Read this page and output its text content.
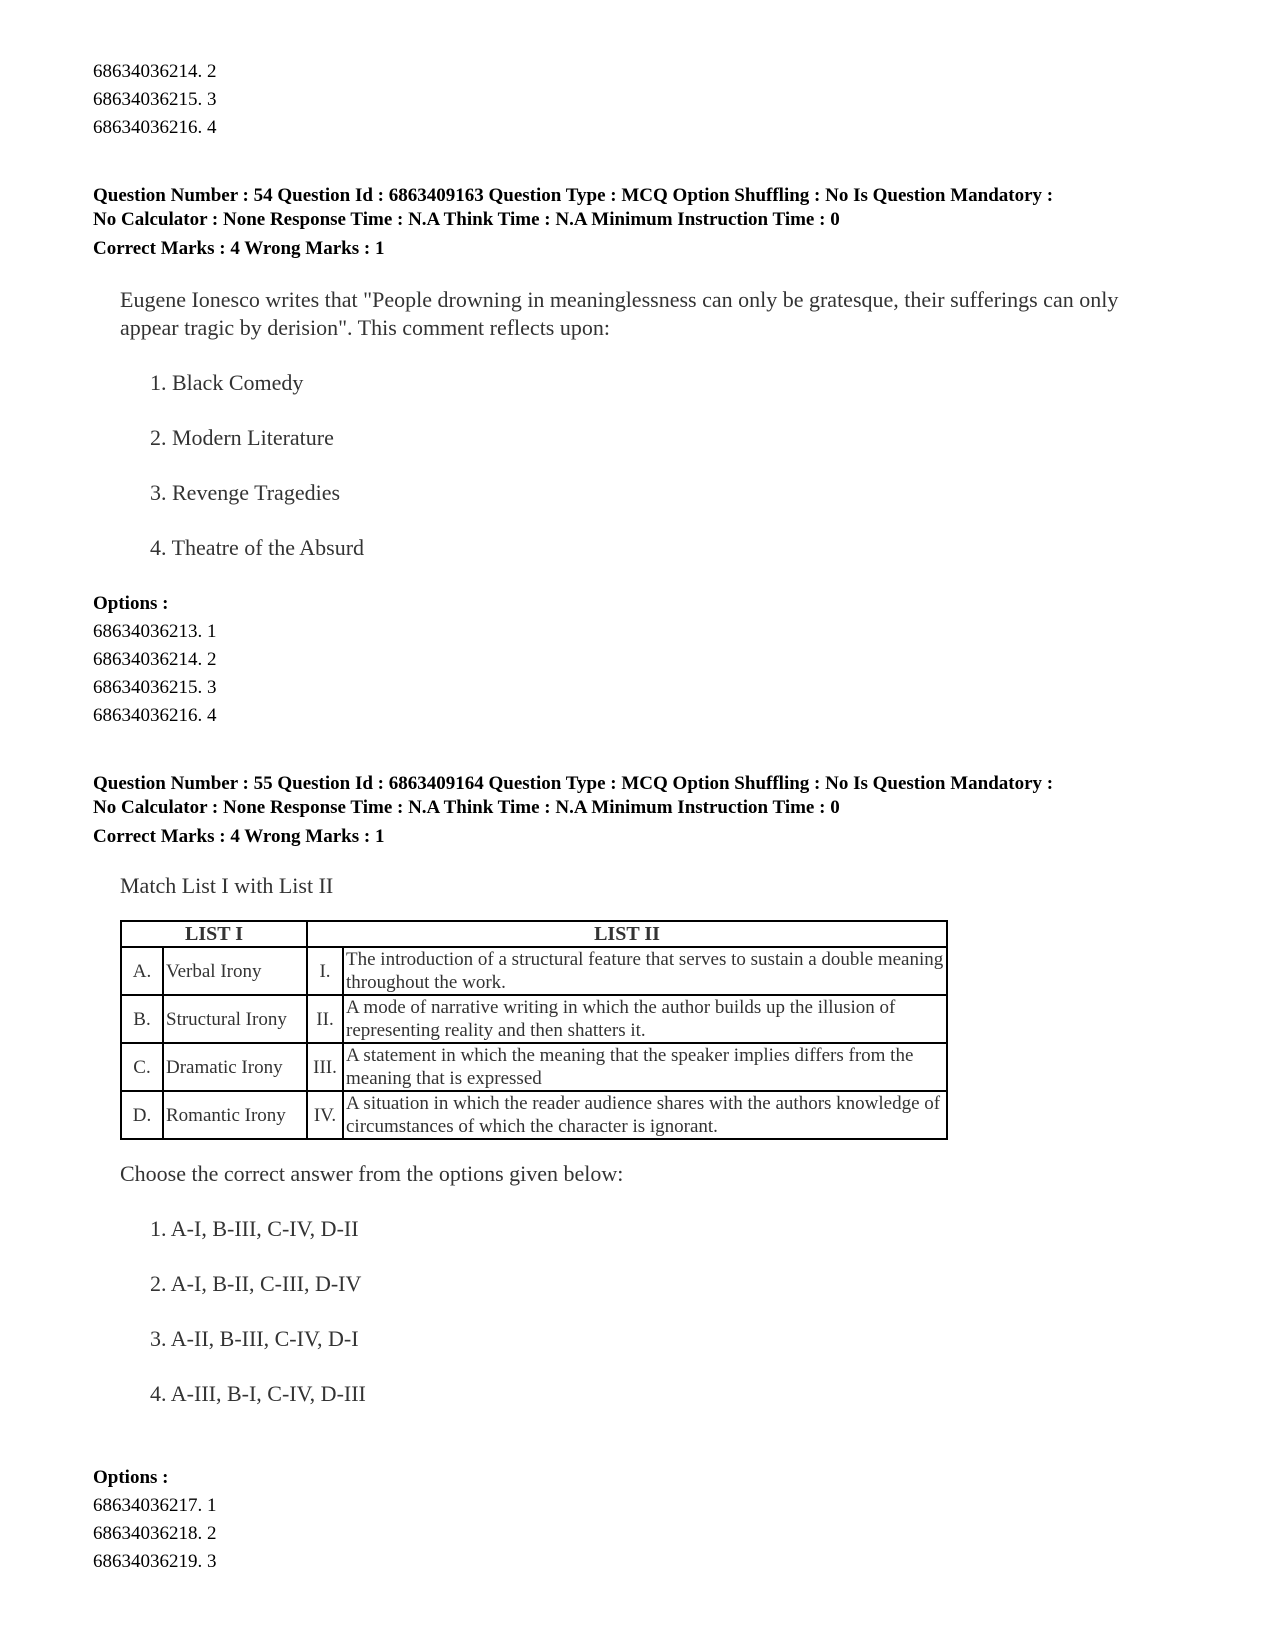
68634036214. 2

68634036215. 3

68634036216. 4

Question Number : 54 Question Id : 6863409163 Question Type : MCQ Option Shuffling : No Is Question Mandatory :

No Calculator : None Response Time : N.A Think Time : N.A Minimum Instruction Time : 0

Correct Marks : 4 Wrong Marks : 1

Eugene Ionesco writes that "People drowning in meaninglessness can only be gratesque, their sufferings can only appear tragic by derision". This comment reflects upon:

1. Black Comedy

2. Modern Literature

3. Revenge Tragedies

4. Theatre of the Absurd

Options :

68634036213. 1

68634036214. 2

68634036215. 3

68634036216. 4

Question Number : 55 Question Id : 6863409164 Question Type : MCQ Option Shuffling : No Is Question Mandatory :

No Calculator : None Response Time : N.A Think Time : N.A Minimum Instruction Time : 0

Correct Marks : 4 Wrong Marks : 1

Match List I with List II

LIST I		LIST II	
A.	Verbal Irony	I.	The introduction of a structural feature that serves to sustain a double meaning throughout the work.
B.	Structural Irony	II.	A mode of narrative writing in which the author builds up the illusion of representing reality and then shatters it.
C.	Dramatic Irony	III.	A statement in which the meaning that the speaker implies differs from the meaning that is expressed
D.	Romantic Irony	IV.	A situation in which the reader audience shares with the authors knowledge of circumstances of which the character is ignorant.

Choose the correct answer from the options given below:

1. A-I, B-III, C-IV, D-II

2. A-I, B-II, C-III, D-IV

3. A-II, B-III, C-IV, D-I

4. A-III, B-I, C-IV, D-III

Options :

68634036217. 1

68634036218. 2

68634036219. 3
